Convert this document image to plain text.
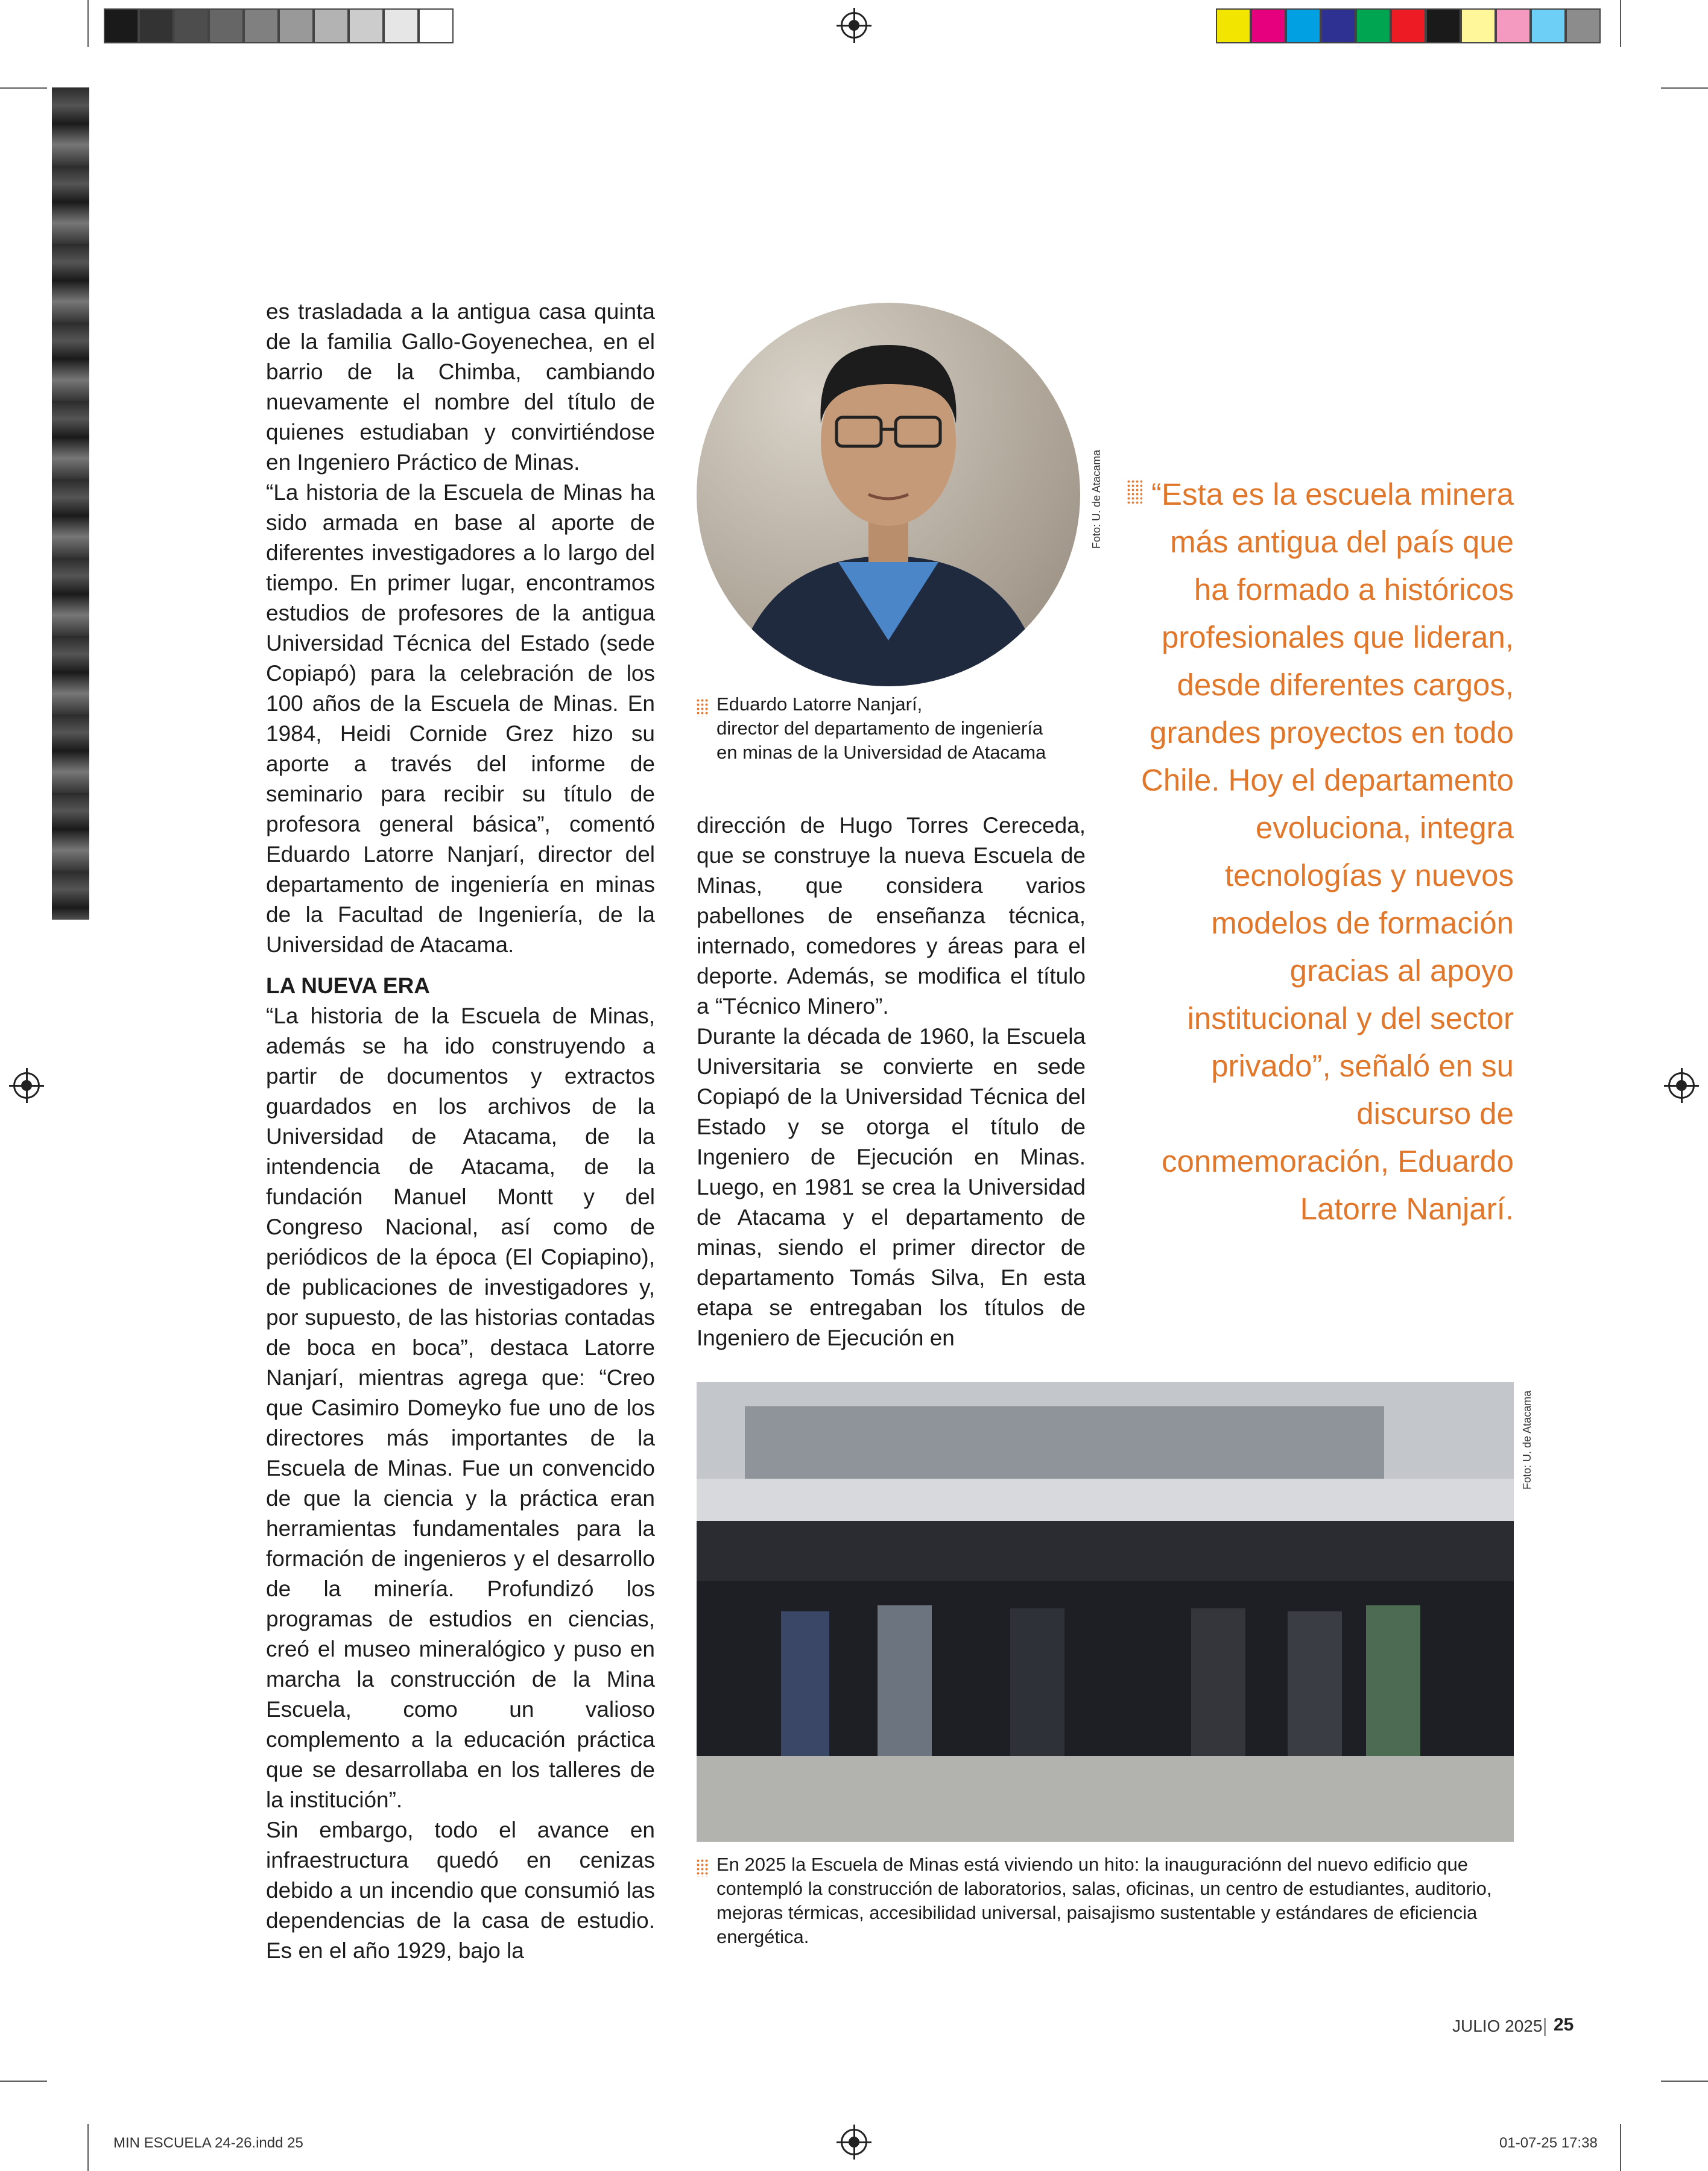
es trasladada a la antigua casa quinta de la familia Gallo-Goyenechea, en el barrio de la Chimba, cambiando nuevamente el nombre del título de quienes estudiaban y convirtiéndose en Ingeniero Práctico de Minas.

“La historia de la Escuela de Minas ha sido armada en base al aporte de diferentes investigadores a lo largo del tiempo. En primer lugar, encontramos estudios de profesores de la antigua Universidad Técnica del Estado (sede Copiapó) para la celebración de los 100 años de la Escuela de Minas. En 1984, Heidi Cornide Grez hizo su aporte a través del informe de seminario para recibir su título de profesora general básica”, comentó Eduardo Latorre Nanjarí, director del departamento de ingeniería en minas de la Facultad de Ingeniería, de la Universidad de Atacama.

LA NUEVA ERA

“La historia de la Escuela de Minas, además se ha ido construyendo a partir de documentos y extractos guardados en los archivos de la Universidad de Atacama, de la intendencia de Atacama, de la fundación Manuel Montt y del Congreso Nacional, así como de periódicos de la época (El Copiapino), de publicaciones de investigadores y, por supuesto, de las historias contadas de boca en boca”, destaca Latorre Nanjarí, mientras agrega que: “Creo que Casimiro Domeyko fue uno de los directores más importantes de la Escuela de Minas. Fue un convencido de que la ciencia y la práctica eran herramientas fundamentales para la formación de ingenieros y el desarrollo de la minería. Profundizó los programas de estudios en ciencias, creó el museo mineralógico y puso en marcha la construcción de la Mina Escuela, como un valioso complemento a la educación práctica que se desarrollaba en los talleres de la institución”.

Sin embargo, todo el avance en infraestructura quedó en cenizas debido a un incendio que consumió las dependencias de la casa de estudio. Es en el año 1929, bajo la

Foto: U. de Atacama
Eduardo Latorre Nanjarí,
director del departamento de ingeniería
en minas de la Universidad de Atacama

dirección de Hugo Torres Cereceda, que se construye la nueva Escuela de Minas, que considera varios pabellones de enseñanza técnica, internado, comedores y áreas para el deporte. Además, se modifica el título a “Técnico Minero”.

Durante la década de 1960, la Escuela Universitaria se convierte en sede Copiapó de la Universidad Técnica del Estado y se otorga el título de Ingeniero de Ejecución en Minas. Luego, en 1981 se crea la Universidad de Atacama y el departamento de minas, siendo el primer director de departamento Tomás Silva, En esta etapa se entregaban los títulos de Ingeniero de Ejecución en

“Esta es la escuela minera más antigua del país que ha formado a históricos profesionales que lideran, desde diferentes cargos, grandes proyectos en todo Chile. Hoy el departamento evoluciona, integra tecnologías y nuevos modelos de formación gracias al apoyo institucional y del sector privado”, señaló en su discurso de conmemoración, Eduardo Latorre Nanjarí.
Foto: U. de Atacama
En 2025 la Escuela de Minas está viviendo un hito: la inauguraciónn del nuevo edificio que contempló la construcción de laboratorios, salas, oficinas, un centro de estudiantes, auditorio, mejoras térmicas, accesibilidad universal, paisajismo sustentable y estándares de eficiencia energética.
JULIO 2025 25
MIN ESCUELA 24-26.indd 25	01-07-25 17:38
